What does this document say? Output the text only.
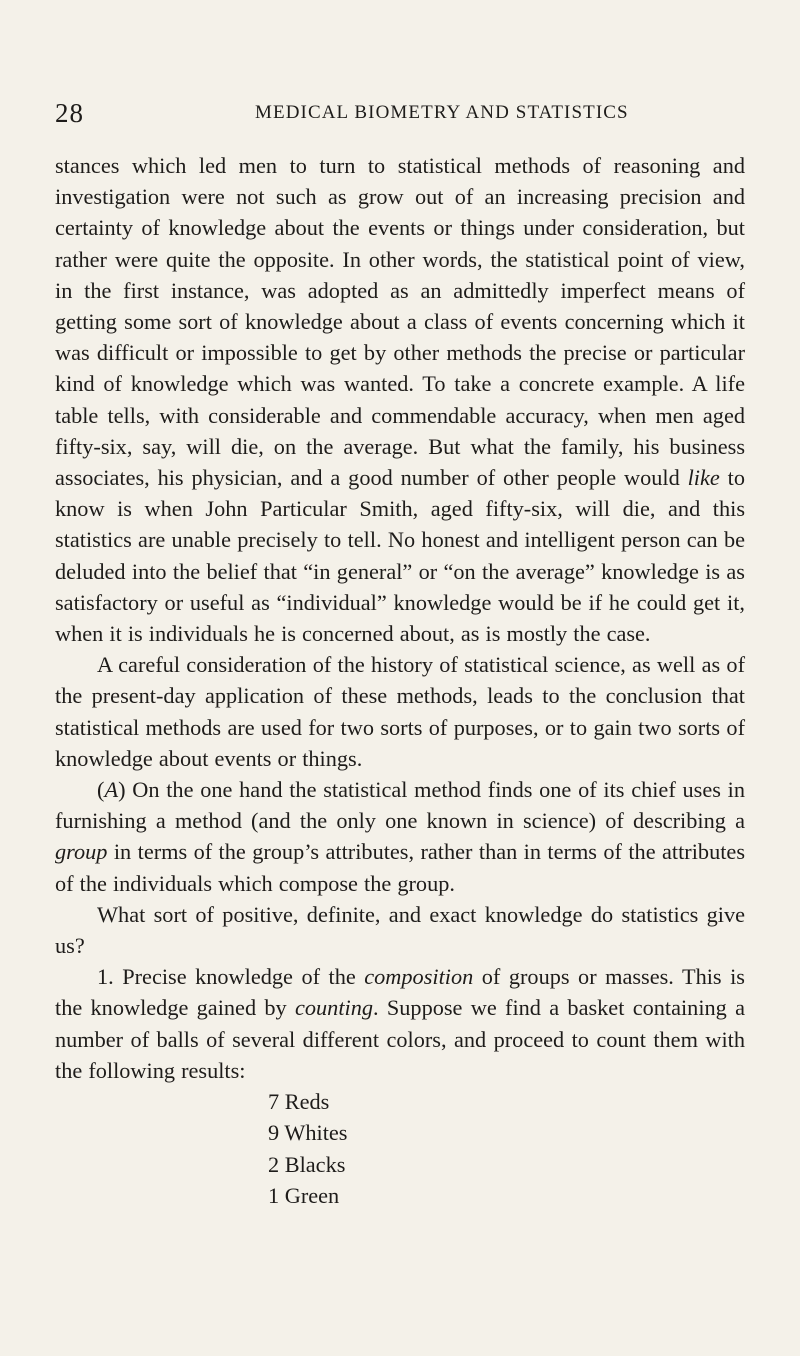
28	MEDICAL BIOMETRY AND STATISTICS

stances which led men to turn to statistical methods of reasoning and investigation were not such as grow out of an increasing precision and certainty of knowledge about the events or things under consideration, but rather were quite the opposite. In other words, the statistical point of view, in the first instance, was adopted as an admittedly imperfect means of getting some sort of knowledge about a class of events concerning which it was difficult or impossible to get by other methods the precise or particular kind of knowledge which was wanted. To take a concrete example. A life table tells, with considerable and commendable accuracy, when men aged fifty-six, say, will die, on the average. But what the family, his business associates, his physician, and a good number of other people would like to know is when John Particular Smith, aged fifty-six, will die, and this statistics are unable precisely to tell. No honest and intelligent person can be deluded into the belief that “in general” or “on the average” knowledge is as satisfactory or useful as “individual” knowledge would be if he could get it, when it is individuals he is concerned about, as is mostly the case.

A careful consideration of the history of statistical science, as well as of the present-day application of these methods, leads to the conclusion that statistical methods are used for two sorts of purposes, or to gain two sorts of knowledge about events or things.

(A) On the one hand the statistical method finds one of its chief uses in furnishing a method (and the only one known in science) of describing a group in terms of the group’s attributes, rather than in terms of the attributes of the individuals which compose the group.

What sort of positive, definite, and exact knowledge do statistics give us?

1. Precise knowledge of the composition of groups or masses. This is the knowledge gained by counting. Suppose we find a basket containing a number of balls of several different colors, and proceed to count them with the following results:

7 Reds
9 Whites
2 Blacks
1 Green
